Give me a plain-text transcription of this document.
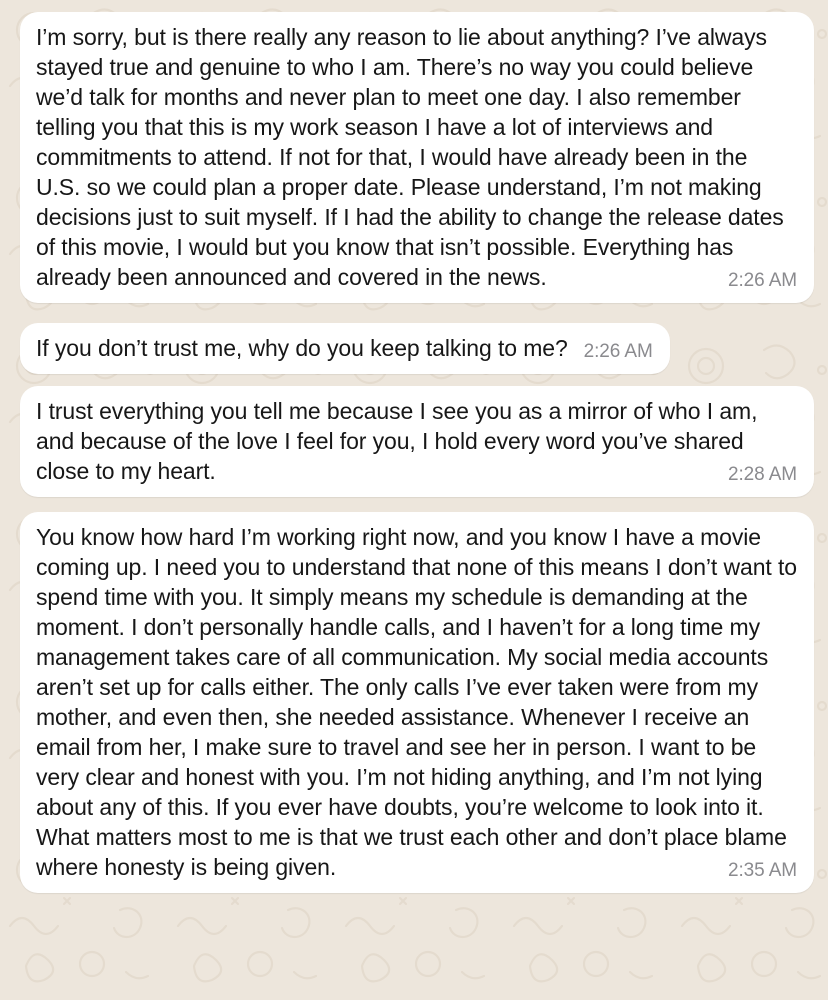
I’m sorry, but is there really any reason to lie about anything? I’ve always stayed true and genuine to who I am. There’s no way you could believe we’d talk for months and never plan to meet one day. I also remember telling you that this is my work season I have a lot of interviews and commitments to attend. If not for that, I would have already been in the U.S. so we could plan a proper date. Please understand, I’m not making decisions just to suit myself. If I had the ability to change the release dates of this movie, I would but you know that isn’t possible. Everything has already been announced and covered in the news.	2:26 AM
If you don’t trust me, why do you keep talking to me? 2:26 AM
I trust everything you tell me because I see you as a mirror of who I am, and because of the love I feel for you, I hold every word you’ve shared close to my heart.	2:28 AM
You know how hard I’m working right now, and you know I have a movie coming up. I need you to understand that none of this means I don’t want to spend time with you. It simply means my schedule is demanding at the moment. I don’t personally handle calls, and I haven’t for a long time my management takes care of all communication. My social media accounts aren’t set up for calls either. The only calls I’ve ever taken were from my mother, and even then, she needed assistance. Whenever I receive an email from her, I make sure to travel and see her in person. I want to be very clear and honest with you. I’m not hiding anything, and I’m not lying about any of this. If you ever have doubts, you’re welcome to look into it. What matters most to me is that we trust each other and don’t place blame where honesty is being given.	2:35 AM
